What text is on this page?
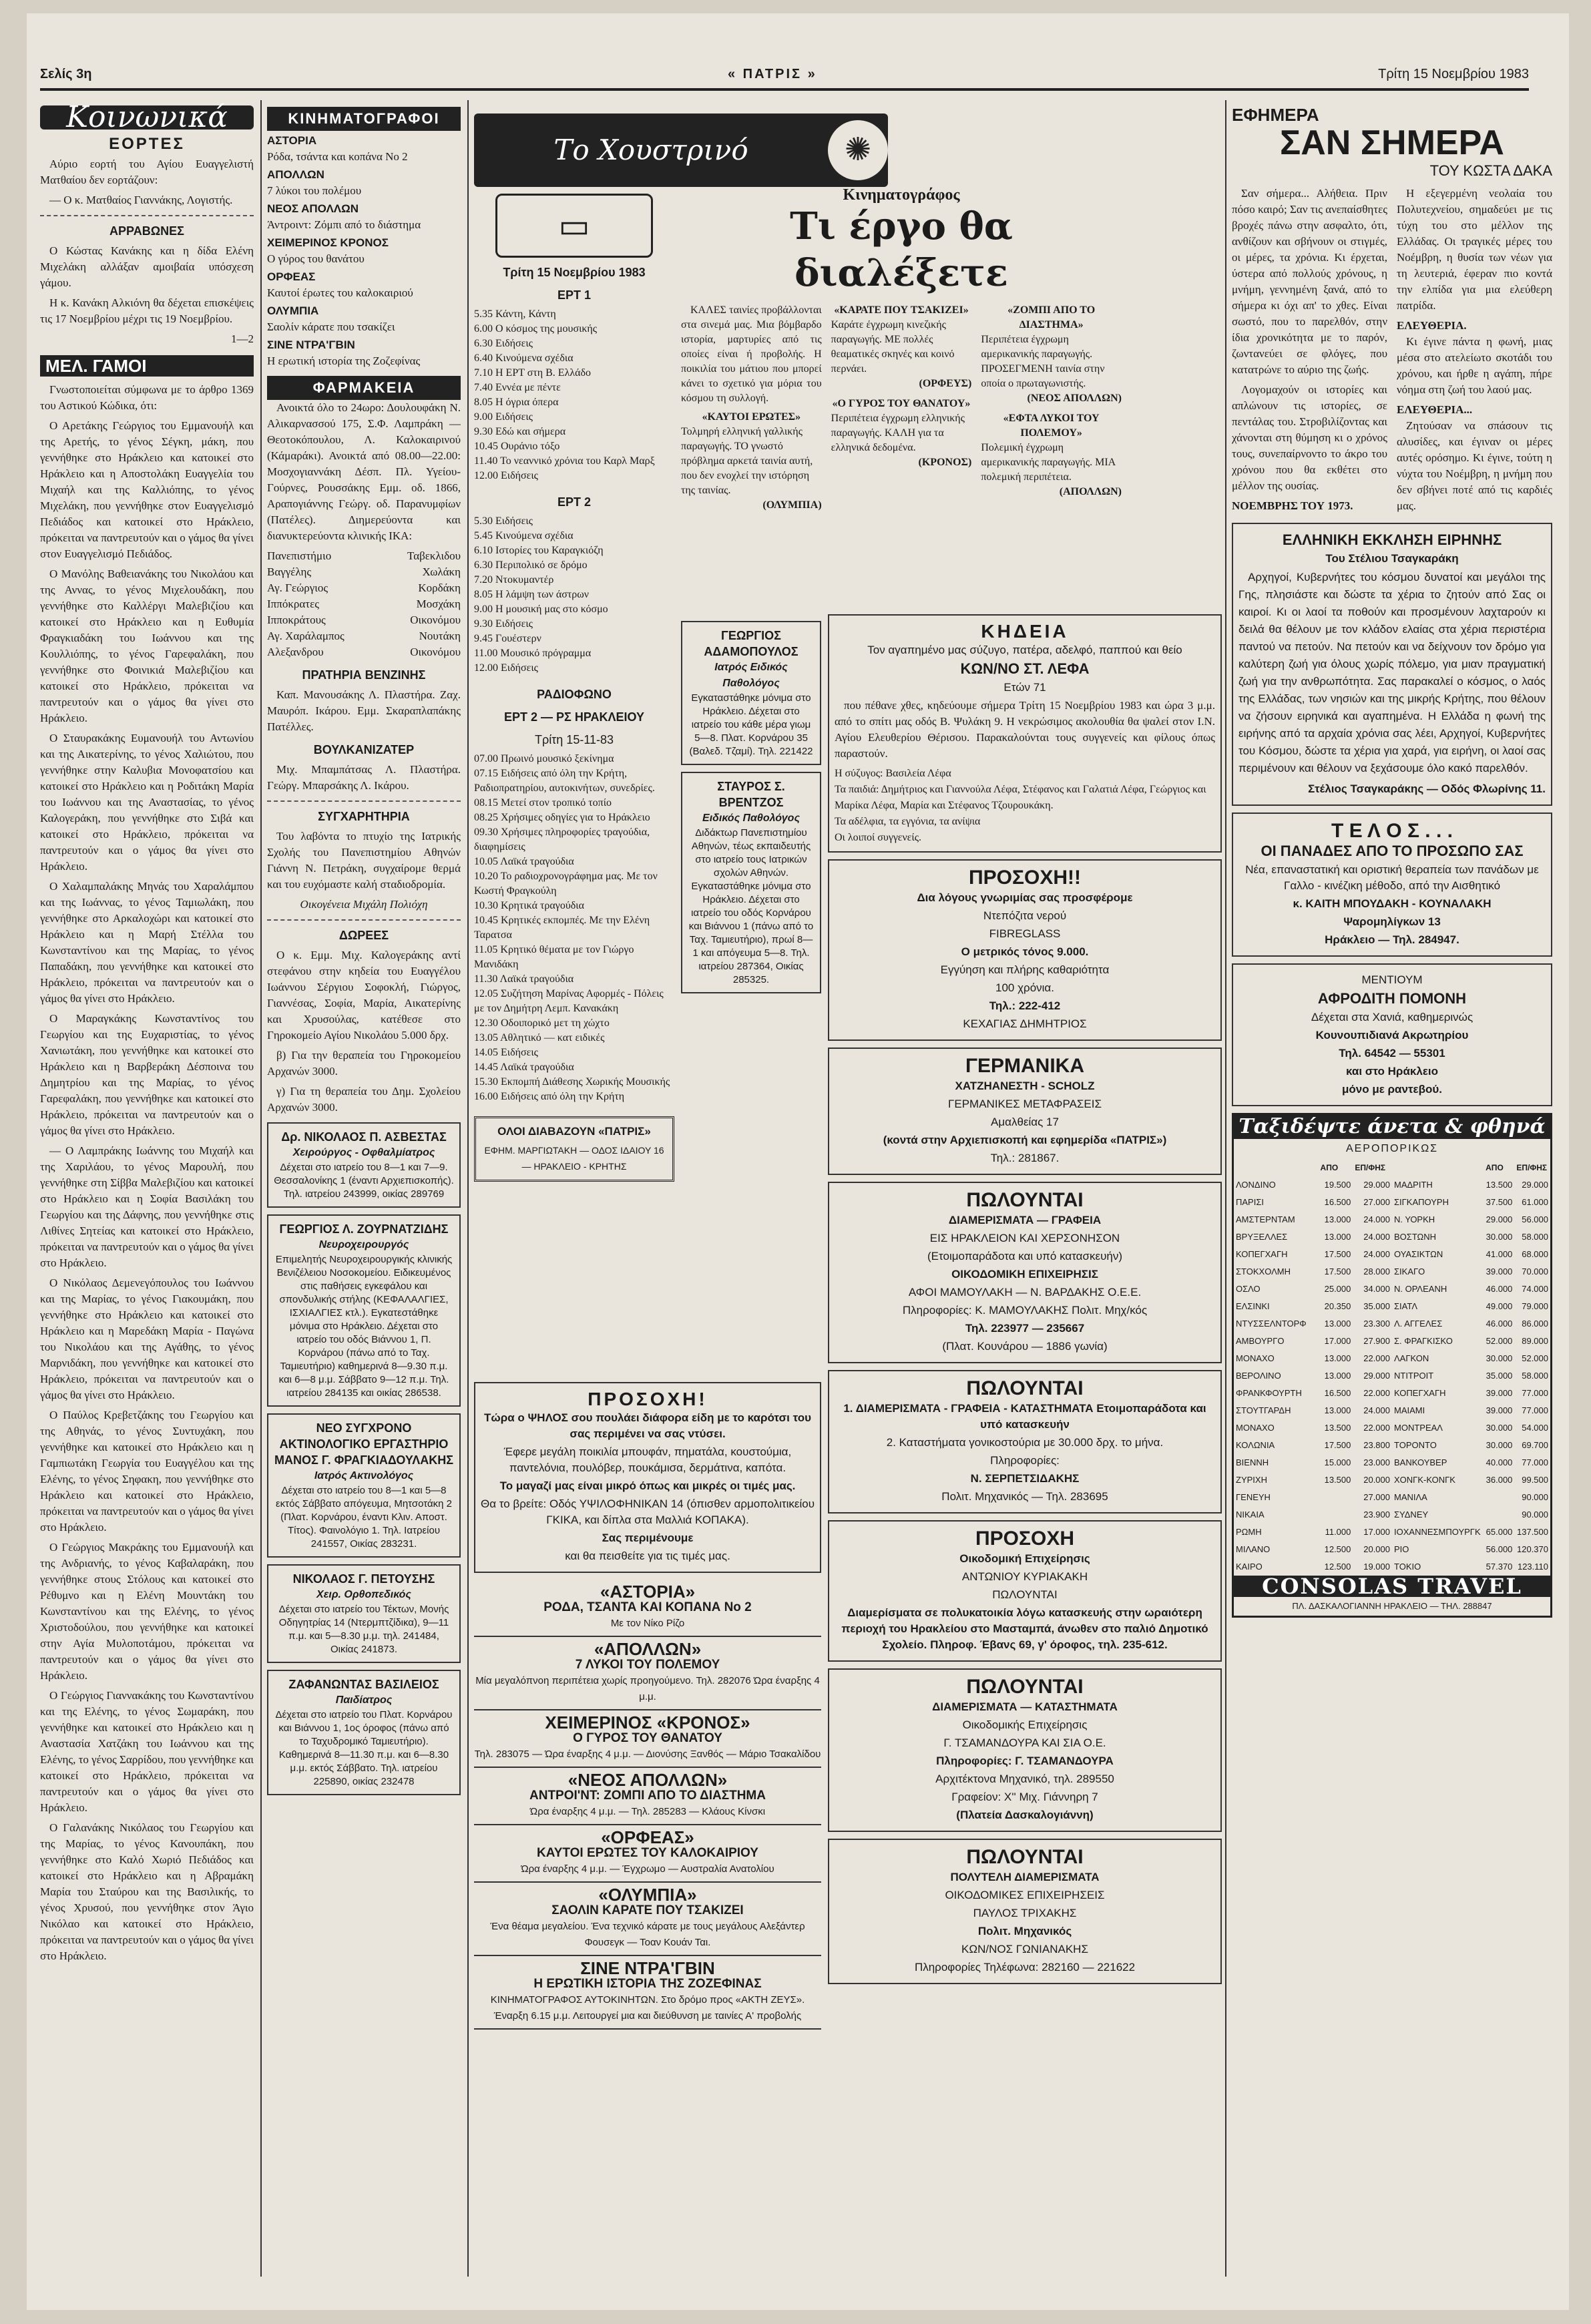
Σελίς 3η	« ΠΑΤΡΙΣ »	Τρίτη 15 Νοεμβρίου 1983
Κοινωνικά
ΕΟΡΤΕΣ

Αύριο εορτή του Αγίου Ευαγγελιστή Ματθαίου δεν εορτάζουν:

— Ο κ. Ματθαίος Γιαννάκης, Λογιστής.

ΑΡΡΑΒΩΝΕΣ

Ο Κώστας Κανάκης και η δίδα Ελένη Μιχελάκη αλλάξαν αμοιβαία υπόσχεση γάμου.

Η κ. Κανάκη Αλκιόνη θα δέχεται επισκέψεις τις 17 Νοεμβρίου μέχρι τις 19 Νοεμβρίου.

1—2
ΜΕΛ. ΓΑΜΟΙ

Γνωστοποιείται σύμφωνα με το άρθρο 1369 του Αστικού Κώδικα, ότι:

Ο Αρετάκης Γεώργιος του Εμμανουήλ και της Αρετής, το γένος Σέγκη, μάκη, που γεννήθηκε στο Ηράκλειο και κατοικεί στο Ηράκλειο και η Αποστολάκη Ευαγγελία του Μιχαήλ και της Καλλιόπης, το γένος Μιχελάκη, που γεννήθηκε στον Ευαγγελισμό Πεδιάδος και κατοικεί στο Ηράκλειο, πρόκειται να παντρευτούν και ο γάμος θα γίνει στον Ευαγγελισμό Πεδιάδος.

Ο Μανόλης Βαθειανάκης του Νικολάου και της Αννας, το γένος Μιχελουδάκη, που γεννήθηκε στο Καλλέργι Μαλεβιζίου και κατοικεί στο Ηράκλειο και η Ευθυμία Φραγκιαδάκη του Ιωάννου και της Κουλλιόπης, το γένος Γαρεφαλάκη, που γεννήθηκε στο Φοινικιά Μαλεβιζίου και κατοικεί στο Ηράκλειο, πρόκειται να παντρευτούν και ο γάμος θα γίνει στο Ηράκλειο.

Ο Σταυρακάκης Ευμανουήλ του Αντωνίου και της Αικατερίνης, το γένος Χαλιώτου, που γεννήθηκε στην Καλυβια Μονοφατσίου και κατοικεί στο Ηράκλειο και η Ροδιτάκη Μαρία του Ιωάννου και της Αναστασίας, το γένος Καλογεράκη, που γεννήθηκε στο Σιβά και κατοικεί στο Ηράκλειο, πρόκειται να παντρευτούν και ο γάμος θα γίνει στο Ηράκλειο.

Ο Χαλαμπαλάκης Μηνάς του Χαραλάμπου και της Ιωάννας, το γένος Ταμιωλάκη, που γεννήθηκε στο Αρκαλοχώρι και κατοικεί στο Ηράκλειο και η Μαρή Στέλλα του Κωνσταντίνου και της Μαρίας, το γένος Παπαδάκη, που γεννήθηκε και κατοικεί στο Ηράκλειο, πρόκειται να παντρευτούν και ο γάμος θα γίνει στο Ηράκλειο.

Ο Μαραγκάκης Κωνσταντίνος του Γεωργίου και της Ευχαριστίας, το γένος Χανιωτάκη, που γεννήθηκε και κατοικεί στο Ηράκλειο και η Βαρβεράκη Δέσποινα του Δημητρίου και της Μαρίας, το γένος Γαρεφαλάκη, που γεννήθηκε και κατοικεί στο Ηράκλειο, πρόκειται να παντρευτούν και ο γάμος θα γίνει στο Ηράκλειο.

— Ο Λαμπράκης Ιωάννης του Μιχαήλ και της Χαριλάου, το γένος Μαρουλή, που γεννήθηκε στη Σίββα Μαλεβιζίου και κατοικεί στο Ηράκλειο και η Σοφία Βασιλάκη του Γεωργίου και της Δάφνης, που γεννήθηκε στις Λιθίνες Σητείας και κατοικεί στο Ηράκλειο, πρόκειται να παντρευτούν και ο γάμος θα γίνει στο Ηράκλειο.

Ο Νικόλαος Δεμενεγόπουλος του Ιωάννου και της Μαρίας, το γένος Γιακουμάκη, που γεννήθηκε στο Ηράκλειο και κατοικεί στο Ηράκλειο και η Μαρεδάκη Μαρία - Παγώνα του Νικολάου και της Αγάθης, το γένος Μαρνιδάκη, που γεννήθηκε και κατοικεί στο Ηράκλειο, πρόκειται να παντρευτούν και ο γάμος θα γίνει στο Ηράκλειο.

Ο Παύλος Κρεβετζάκης του Γεωργίου και της Αθηνάς, το γένος Συντυχάκη, που γεννήθηκε και κατοικεί στο Ηράκλειο και η Γαμπιωτάκη Γεωργία του Ευαγγέλου και της Ελένης, το γένος Σηφακη, που γεννήθηκε στο Ηράκλειο και κατοικεί στο Ηράκλειο, πρόκειται να παντρευτούν και ο γάμος θα γίνει στο Ηράκλειο.

Ο Γεώργιος Μακράκης του Εμμανουήλ και της Ανδριανής, το γένος Καβαλαράκη, που γεννήθηκε στους Στόλους και κατοικεί στο Ρέθυμνο και η Ελένη Μουντάκη του Κωνσταντίνου και της Ελένης, το γένος Χριστοδούλου, που γεννήθηκε και κατοικεί στην Αγία Μυλοποτάμου, πρόκειται να παντρευτούν και ο γάμος θα γίνει στο Ηράκλειο.

Ο Γεώργιος Γιαννακάκης του Κωνσταντίνου και της Ελένης, το γένος Σωμαράκη, που γεννήθηκε και κατοικεί στο Ηράκλειο και η Αναστασία Χατζάκη του Ιωάννου και της Ελένης, το γένος Σαρρίδου, που γεννήθηκε και κατοικεί στο Ηράκλειο, πρόκειται να παντρευτούν και ο γάμος θα γίνει στο Ηράκλειο.

Ο Γαλανάκης Νικόλαος του Γεωργίου και της Μαρίας, το γένος Κανουπάκη, που γεννήθηκε στο Καλό Χωριό Πεδιάδος και κατοικεί στο Ηράκλειο και η Αβραμάκη Μαρία του Σταύρου και της Βασιλικής, το γένος Χρυσού, που γεννήθηκε στον Άγιο Νικόλαο και κατοικεί στο Ηράκλειο, πρόκειται να παντρευτούν και ο γάμος θα γίνει στο Ηράκλειο.

ΚΙΝΗΜΑΤΟΓΡΑΦΟΙ
ΑΣΤΟΡΙΑ
Ρόδα, τσάντα και κοπάνα No 2
ΑΠΟΛΛΩΝ
7 λύκοι του πολέμου
ΝΕΟΣ ΑΠΟΛΛΩΝ
Άντροιντ: Ζόμπι από το διάστημα
ΧΕΙΜΕΡΙΝΟΣ ΚΡΟΝΟΣ
Ο γύρος του θανάτου
ΟΡΦΕΑΣ
Καυτοί έρωτες του καλοκαιριού
ΟΛΥΜΠΙΑ
Σαολίν κάρατε που τσακίζει
ΣΙΝΕ ΝΤΡΑ'ΓΒΙΝ
Η ερωτική ιστορία της Ζοζεφίνας
ΦΑΡΜΑΚΕΙΑ

Ανοικτά όλο το 24ωρο: Δουλουφάκη Ν. Αλικαρνασσού 175, Σ.Φ. Λαμπράκη — Θεοτοκόπουλου, Λ. Καλοκαιρινού (Κάμαράκι). Ανοικτά από 08.00—22.00: Μοσχογιαννάκη Δέσπ. Πλ. Υγείου-Γούρνες, Ρουσσάκης Εμμ. οδ. 1866, Αραπογιάννης Γεώργ. οδ. Παρανυμφίων (Πατέλες). Διημερεύοντα και διανυκτερεύοντα κλινικής ΙΚΑ:

Πανεπιστήμιο	Ταβεκλιδου
Βαγγέλης	Χωλάκη
Αγ. Γεώργιος	Κορδάκη
Ιππόκρατες	Μοσχάκη
Ιπποκράτους	Οικονόμου
Αγ. Χαράλαμπος	Νουτάκη
Αλεξανδρου	Οικονόμου
ΠΡΑΤΗΡΙΑ ΒΕΝΖΙΝΗΣ

Καπ. Μανουσάκης Λ. Πλαστήρα. Ζαχ. Μαυρόπ. Ικάρου. Εμμ. Σκαραπλαπάκης Πατέλλες.

ΒΟΥΛΚΑΝΙΖΑΤΕΡ

Μιχ. Μπαμπάτσας Λ. Πλαστήρα. Γεώργ. Μπαρσάκης Λ. Ικάρου.

ΣΥΓΧΑΡΗΤΗΡΙΑ

Του λαβόντα το πτυχίο της Ιατρικής Σχολής του Πανεπιστημίου Αθηνών Γιάννη Ν. Πετράκη, συγχαίρομε θερμά και του ευχόμαστε καλή σταδιοδρομία.

Οικογένεια Μιχάλη Πολιόχη
ΔΩΡΕΕΣ

Ο κ. Εμμ. Μιχ. Καλογεράκης αντί στεφάνου στην κηδεία του Ευαγγέλου Ιωάννου Σέργιου Σοφοκλή, Γιώργος, Γιαννέσας, Σοφία, Μαρία, Αικατερίνης και Χρυσούλας, κατέθεσε στο Γηροκομείο Αγίου Νικολάου 5.000 δρχ.

β) Για την θεραπεία του Γηροκομείου Αρχανών 3000.

γ) Για τη θεραπεία του Δημ. Σχολείου Αρχανών 3000.

Δρ. ΝΙΚΟΛΑΟΣ Π. ΑΣΒΕΣΤΑΣ
Χειρούργος - Οφθαλμίατρος
Δέχεται στο ιατρείο του 8—1 και 7—9. Θεσσαλονίκης 1 (έναντι Αρχιεπισκοπής). Τηλ. ιατρείου 243999, οικίας 289769
ΓΕΩΡΓΙΟΣ Λ. ΖΟΥΡΝΑΤΖΙΔΗΣ
Νευροχειρουργός
Επιμελητής Νευροχειρουργικής κλινικής Βενιζέλειου Νοσοκομείου. Ειδικευμένος στις παθήσεις εγκεφάλου και σπονδυλικής στήλης (ΚΕΦΑΛΑΛΓΙΕΣ, ΙΣΧΙΑΛΓΙΕΣ κτλ.). Εγκατεστάθηκε μόνιμα στο Ηράκλειο. Δέχεται στο ιατρείο του οδός Βιάννου 1, Π. Κορνάρου (πάνω από το Ταχ. Ταμιευτήριο) καθημερινά 8—9.30 π.μ. και 6—8 μ.μ. Σάββατο 9—12 π.μ. Τηλ. ιατρείου 284135 και οικίας 286538.
ΝΕΟ ΣΥΓΧΡΟΝΟ ΑΚΤΙΝΟΛΟΓΙΚΟ ΕΡΓΑΣΤΗΡΙΟ ΜΑΝΟΣ Γ. ΦΡΑΓΚΙΑΔΟΥΛΑΚΗΣ
Ιατρός Ακτινολόγος
Δέχεται στο ιατρείο του 8—1 και 5—8 εκτός Σάββατο απόγευμα, Μητσοτάκη 2 (Πλατ. Κορνάρου, έναντι Κλιν. Αποστ. Τίτος). Φαινολόγιο 1. Τηλ. Ιατρείου 241557, Οικίας 283231.
ΝΙΚΟΛΑΟΣ Γ. ΠΕΤΟΥΣΗΣ
Χειρ. Ορθοπεδικός
Δέχεται στο ιατρείο του Τέκτων, Μονής Οδηγητρίας 14 (Ντερμπτζίδικα), 9—11 π.μ. και 5—8.30 μ.μ. τηλ. 241484, Οικίας 241873.
ΖΑΦΑΝΩΝΤΑΣ ΒΑΣΙΛΕΙΟΣ
Παιδίατρος
Δέχεται στο ιατρείο του Πλατ. Κορνάρου και Βιάννου 1, 1ος όροφος (πάνω από το Ταχυδρομικό Ταμιευτήριο). Καθημερινά 8—11.30 π.μ. και 6—8.30 μ.μ. εκτός Σάββατο. Τηλ. ιατρείου 225890, οικίας 232478
Το Χουστρινό	✺
▭
Τρίτη 15 Νοεμβρίου 1983
ΕΡΤ 1
5.35 Κάντη, Κάντη
6.00 Ο κόσμος της μουσικής
6.30 Ειδήσεις
6.40 Κινούμενα σχέδια
7.10 Η ΕΡΤ στη Β. Ελλάδο
7.40 Εννέα με πέντε
8.05 Η όγρια όπερα
9.00 Ειδήσεις
9.30 Εδώ και σήμερα
10.45 Ουράνιο τόξο
11.40 Το νεαννικό χρόνια του Καρλ Μαρξ
12.00 Ειδήσεις
ΕΡΤ 2
5.30 Ειδήσεις
5.45 Κινούμενα σχέδια
6.10 Ιστορίες του Καραγκιόζη
6.30 Περιπολικό σε δρόμο
7.20 Ντοκυμαντέρ
8.05 Η λάμψη των άστρων
9.00 Η μουσική μας στο κόσμο
9.30 Ειδήσεις
9.45 Γουέστερν
11.00 Μουσικό πρόγραμμα
12.00 Ειδήσεις
ΡΑΔΙΟΦΩΝΟ
ΕΡΤ 2 — ΡΣ ΗΡΑΚΛΕΙΟΥ
Τρίτη 15-11-83
07.00 Πρωινό μουσικό ξεκίνημα
07.15 Ειδήσεις από όλη την Κρήτη, Ραδιοπρατηρίου, αυτοκινήτων, συνεδρίες.
08.15 Μετεί στον τροπικό τοπίο
08.25 Χρήσιμες οδηγίες για το Ηράκλειο
09.30 Χρήσιμες πληροφορίες τραγούδια, διαφημίσεις
10.05 Λαϊκά τραγούδια
10.20 Το ραδιοχρονογράφημα μας. Με τον Κωστή Φραγκούλη
10.30 Κρητικά τραγούδια
10.45 Κρητικές εκπομπές. Με την Ελένη Ταρατσα
11.05 Κρητικό θέματα με τον Γιώργο Μανιδάκη
11.30 Λαϊκά τραγούδια
12.05 Συζήτηση Μαρίνας Αφορμές - Πόλεις με τον Δημήτρη Λεμπ. Κανακάκη
12.30 Οδοιπορικό μετ τη χώχτο
13.05 Αθλητικό — κατ ειδικές
14.05 Ειδήσεις
14.45 Λαϊκά τραγούδια
15.30 Εκπομπή Διάθεσης Χωρικής Μουσικής
16.00 Ειδήσεις από όλη την Κρήτη
ΟΛΟΙ ΔΙΑΒΑΖΟΥΝ «ΠΑΤΡΙΣ»
ΕΦΗΜ. ΜΑΡΓΙΩΤΑΚΗ — ΟΔΟΣ ΙΔΑΙΟΥ 16 — ΗΡΑΚΛΕΙΟ - ΚΡΗΤΗΣ
Κινηματογράφος
Τι έργο θα διαλέξετε

ΚΑΛΕΣ ταινίες προβάλλονται στα σινεμά μας. Μια βόμβαρδο ιστορία, μαρτυρίες από τις οποίες είναι ή προβολής. Η ποικιλία του μάτιου που μπορεί κάνει το σχετικό για μόρια του κόσμου τη συλλογή.

«ΚΑΥΤΟΙ ΕΡΩΤΕΣ»
Τολμηρή ελληνική γαλλικής παραγωγής. ΤΟ γνωστό πρόβλημα αρκετά ταινία αυτή, που δεν ενοχλεί την ιστόρηση της ταινίας.
(ΟΛΥΜΠΙΑ)
«ΚΑΡΑΤΕ ΠΟΥ ΤΣΑΚΙΖΕΙ»
Καράτε έγχρωμη κινεζικής παραγωγής. ΜΕ πολλές θεαματικές σκηνές και κοινό περνάει.
(ΟΡΦΕΥΣ)
«Ο ΓΥΡΟΣ ΤΟΥ ΘΑΝΑΤΟΥ»
Περιπέτεια έγχρωμη ελληνικής παραγωγής. ΚΑΛΗ για τα ελληνικά δεδομένα.
(ΚΡΟΝΟΣ)
«ΖΟΜΠΙ ΑΠΟ ΤΟ ΔΙΑΣΤΗΜΑ»
Περιπέτεια έγχρωμη αμερικανικής παραγωγής. ΠΡΟΣΕΓΜΕΝΗ ταινία στην οποία ο πρωταγωνιστής.
(ΝΕΟΣ ΑΠΟΛΛΩΝ)
«ΕΦΤΑ ΛΥΚΟΙ ΤΟΥ ΠΟΛΕΜΟΥ»
Πολεμική έγχρωμη αμερικανικής παραγωγής. ΜΙΑ πολεμική περιπέτεια.
(ΑΠΟΛΛΩΝ)
ΚΗΔΕΙΑ
Τον αγαπημένο μας σύζυγο, πατέρα, αδελφό, παππού και θείο
ΚΩΝ/ΝΟ ΣΤ. ΛΕΦΑ
Ετών 71

που πέθανε χθες, κηδεύουμε σήμερα Τρίτη 15 Νοεμβρίου 1983 και ώρα 3 μ.μ. από το σπίτι μας οδός Β. Ψυλάκη 9. Η νεκρώσιμος ακολουθία θα ψαλεί στον Ι.Ν. Αγίου Ελευθερίου Θέρισου. Παρακαλούνται τους συγγενείς και φίλους όπως παραστούν.

Η σύζυγος: Βασιλεία Λέφα
Τα παιδιά: Δημήτριος και Γιαννούλα Λέφα, Στέφανος και Γαλατιά Λέφα, Γεώργιος και Μαρίκα Λέφα, Μαρία και Στέφανος Τζουρουκάκη.
Τα αδέλφια, τα εγγόνια, τα ανίψια
Οι λοιποί συγγενείς.
ΠΡΟΣΟΧΗ!!
Δια λόγους γνωριμίας σας προσφέρομε
Ντεπόζιτα νερού
FIBREGLASS
Ο μετρικός τόνος 9.000.
Εγγύηση και πλήρης καθαριότητα
100 χρόνια.
Τηλ.: 222-412
ΚΕΧΑΓΙΑΣ ΔΗΜΗΤΡΙΟΣ
ΓΕΡΜΑΝΙΚΑ
ΧΑΤΖΗΑΝΕΣΤΗ - SCHOLZ
ΓΕΡΜΑΝΙΚΕΣ ΜΕΤΑΦΡΑΣΕΙΣ
Αμαλθείας 17
(κοντά στην Αρχιεπισκοπή και εφημερίδα «ΠΑΤΡΙΣ»)
Τηλ.: 281867.
ΠΩΛΟΥΝΤΑΙ
ΔΙΑΜΕΡΙΣΜΑΤΑ — ΓΡΑΦΕΙΑ
ΕΙΣ ΗΡΑΚΛΕΙΟΝ ΚΑΙ ΧΕΡΣΟΝΗΣΟΝ
(Ετοιμοπαράδοτα και υπό κατασκευήν)
ΟΙΚΟΔΟΜΙΚΗ ΕΠΙΧΕΙΡΗΣΙΣ
ΑΦΟΙ ΜΑΜΟΥΛΑΚΗ — Ν. ΒΑΡΔΑΚΗΣ Ο.Ε.Ε.
Πληροφορίες: Κ. ΜΑΜΟΥΛΑΚΗΣ Πολιτ. Μηχ/κός
Τηλ. 223977 — 235667
(Πλατ. Κουνάρου — 1886 γωνία)
ΠΩΛΟΥΝΤΑΙ
1. ΔΙΑΜΕΡΙΣΜΑΤΑ - ΓΡΑΦΕΙΑ - ΚΑΤΑΣΤΗΜΑΤΑ Ετοιμοπαράδοτα και υπό κατασκευήν
2. Καταστήματα γονικοστούρια με 30.000 δρχ. το μήνα.
Πληροφορίες:
Ν. ΣΕΡΠΕΤΣΙΔΑΚΗΣ
Πολιτ. Μηχανικός — Τηλ. 283695
ΠΡΟΣΟΧΗ
Οικοδομική Επιχείρησις
ΑΝΤΩΝΙΟΥ ΚΥΡΙΑΚΑΚΗ
ΠΩΛΟΥΝΤΑΙ
Διαμερίσματα σε πολυκατοικία λόγω κατασκευής στην ωραιότερη περιοχή του Ηρακλείου στο Μασταμπά, άνωθεν στο παλιό Δημοτικό Σχολείο. Πληροφ. Έβανς 69, γ' όροφος, τηλ. 235-612.
ΠΩΛΟΥΝΤΑΙ
ΔΙΑΜΕΡΙΣΜΑΤΑ — ΚΑΤΑΣΤΗΜΑΤΑ
Οικοδομικής Επιχείρησις
Γ. ΤΣΑΜΑΝΔΟΥΡΑ ΚΑΙ ΣΙΑ Ο.Ε.
Πληροφορίες: Γ. ΤΣΑΜΑΝΔΟΥΡΑ
Αρχιτέκτονα Μηχανικό, τηλ. 289550
Γραφείον: Χ'' Μιχ. Γιάννηρη 7
(Πλατεία Δασκαλογιάννη)
ΠΩΛΟΥΝΤΑΙ
ΠΟΛΥΤΕΛΗ ΔΙΑΜΕΡΙΣΜΑΤΑ
ΟΙΚΟΔΟΜΙΚΕΣ ΕΠΙΧΕΙΡΗΣΕΙΣ
ΠΑΥΛΟΣ ΤΡΙΧΑΚΗΣ
Πολιτ. Μηχανικός
ΚΩΝ/ΝΟΣ ΓΩΝΙΑΝΑΚΗΣ
Πληροφορίες Τηλέφωνα: 282160 — 221622
ΓΕΩΡΓΙΟΣ ΑΔΑΜΟΠΟΥΛΟΣ
Ιατρός Ειδικός Παθολόγος
Εγκαταστάθηκε μόνιμα στο Ηράκλειο. Δέχεται στο ιατρείο του κάθε μέρα γιωμ 5—8. Πλατ. Κορνάρου 35 (Βαλεδ. Τζαμί). Τηλ. 221422
ΣΤΑΥΡΟΣ Σ. ΒΡΕΝΤΖΟΣ
Ειδικός Παθολόγος
Διδάκτωρ Πανεπιστημίου Αθηνών, τέως εκπαιδευτής στο ιατρείο τους Ιατρικών σχολών Αθηνών. Εγκαταστάθηκε μόνιμα στο Ηράκλειο. Δέχεται στο ιατρείο του οδός Κορνάρου και Βιάννου 1 (πάνω από το Ταχ. Ταμιευτήριο), πρωί 8—1 και απόγευμα 5—8. Τηλ. ιατρείου 287364, Οικίας 285325.
ΠΡΟΣΟΧΗ!
Τώρα ο ΨΗΛΟΣ σου πουλάει διάφορα είδη με το καρότσι του σας περιμένει να σας ντύσει.
Έφερε μεγάλη ποικιλία μπουφάν, πηματάλα, κουστούμια, παντελόνια, πουλόβερ, πουκάμισα, δερμάτινα, καπότα.
Το μαγαζί μας είναι μικρό όπως και μικρές οι τιμές μας.
Θα το βρείτε: Οδός ΥΨΙΛΟΦΗΝΙΚΑΝ 14 (όπισθεν αρμοπολιτικείου ΓΚΙΚΑ, και δίπλα στα Μαλλιά ΚΟΠΑΚΑ).
Σας περιμένουμε
και θα πεισθείτε για τις τιμές μας.
«ΑΣΤΟΡΙΑ»
ΡΟΔΑ, ΤΣΑΝΤΑ ΚΑΙ ΚΟΠΑΝΑ No 2
Με τον Νίκο Ρίζο
«ΑΠΟΛΛΩΝ»
7 ΛΥΚΟΙ ΤΟΥ ΠΟΛΕΜΟΥ
Μία μεγαλόπνοη περιπέτεια χωρίς προηγούμενο. Τηλ. 282076 Ώρα έναρξης 4 μ.μ.
ΧΕΙΜΕΡΙΝΟΣ «ΚΡΟΝΟΣ»
Ο ΓΥΡΟΣ ΤΟΥ ΘΑΝΑΤΟΥ
Τηλ. 283075 — Ώρα έναρξης 4 μ.μ. — Διονύσης Ξανθός — Μάριο Τσακαλίδου
«ΝΕΟΣ ΑΠΟΛΛΩΝ»
ΑΝΤΡΟΙ'ΝΤ: ΖΟΜΠΙ ΑΠΟ ΤΟ ΔΙΑΣΤΗΜΑ
Ώρα έναρξης 4 μ.μ. — Τηλ. 285283 — Κλάους Κίνσκι
«ΟΡΦΕΑΣ»
ΚΑΥΤΟΙ ΕΡΩΤΕΣ ΤΟΥ ΚΑΛΟΚΑΙΡΙΟΥ
Ώρα έναρξης 4 μ.μ. — Έγχρωμο — Αυστραλία Ανατολίου
«ΟΛΥΜΠΙΑ»
ΣΑΟΛΙΝ ΚΑΡΑΤΕ ΠΟΥ ΤΣΑΚΙΖΕΙ
Ένα θέαμα μεγαλείου. Ένα τεχνικό κάρατε με τους μεγάλους Αλεξάντερ Φουσεγκ — Τοαν Κουάν Ται.
ΣΙΝΕ ΝΤΡΑ'ΓΒΙΝ
Η ΕΡΩΤΙΚΗ ΙΣΤΟΡΙΑ ΤΗΣ ΖΟΖΕΦΙΝΑΣ
ΚΙΝΗΜΑΤΟΓΡΑΦΟΣ ΑΥΤΟΚΙΝΗΤΩΝ. Στο δρόμο προς «ΑΚΤΗ ΖΕΥΣ». Έναρξη 6.15 μ.μ. Λειτουργεί μια και διεύθυνση με ταινίες Α' προβολής
ΕΦΗΜΕΡΑ
ΣΑΝ ΣΗΜΕΡΑ
ΤΟΥ ΚΩΣΤΑ ΔΑΚΑ

Σαν σήμερα... Αλήθεια. Πριν πόσο καιρό; Σαν τις ανεπαίσθητες βροχές πάνω στην ασφαλτο, ότι, ανθίζουν και σβήνουν οι στιγμές, οι μέρες, τα χρόνια. Κι έρχεται, ύστερα από πολλούς χρόνους, η μνήμη, γεννημένη ξανά, από το σήμερα κι όχι απ' το χθες. Είναι σωστό, που το παρελθόν, στην ίδια χρονικότητα με το παρόν, ζωντανεύει σε φλόγες, που κατατρώνε το αύριο της ζωής.

Λογομαχούν οι ιστορίες και απλώνουν τις ιστορίες, σε πεντάλας του. Στροβιλίζοντας και χάνονται στη θύμηση κι ο χρόνος τους, συνεπαίρνοντο το άκρο του χρόνου που θα εκθέτει στο μέλλον της ουσίας.

ΝΟΕΜΒΡΗΣ ΤΟΥ 1973.

Η εξεγερμένη νεολαία του Πολυτεχνείου, σημαδεύει με τις τύχη του στο μέλλον της Ελλάδας. Οι τραγικές μέρες του Νοέμβρη, η θυσία των νέων για τη λευτεριά, έφεραν πιο κοντά την ελπίδα για μια ελεύθερη πατρίδα.

ΕΛΕΥΘΕΡΙΑ.

Κι έγινε πάντα η φωνή, μιας μέσα στο ατελείωτο σκοτάδι του χρόνου, και ήρθε η αγάπη, πήρε νόημα στη ζωή του λαού μας.

ΕΛΕΥΘΕΡΙΑ...

Ζητούσαν να σπάσουν τις αλυσίδες, και έγιναν οι μέρες αυτές ορόσημο. Κι έγινε, τούτη η νύχτα του Νοέμβρη, η μνήμη που δεν σβήνει ποτέ από τις καρδιές μας.

ΕΛΛΗΝΙΚΗ ΕΚΚΛΗΣΗ ΕΙΡΗΝΗΣ
Του Στέλιου Τσαγκαράκη

Αρχηγοί, Κυβερνήτες του κόσμου δυνατοί και μεγάλοι της Γης, πλησιάστε και δώστε τα χέρια το ζητούν από Σας οι καιροί. Κι οι λαοί τα ποθούν και προσμένουν λαχταρούν κι δειλά θα θέλουν με τον κλάδον ελαίας στα χέρια περιστέρια παντού να πετούν. Να πετούν και να δείχνουν τον δρόμο για καλύτερη ζωή για όλους χωρίς πόλεμο, για μιαν πραγματική ζωή για την ανθρωπότητα. Σας παρακαλεί ο κόσμος, ο λαός της Ελλάδας, των νησιών και της μικρής Κρήτης, που θέλουν να ζήσουν ειρηνικά και αγαπημένα. Η Ελλάδα η φωνή της ειρήνης από τα αρχαία χρόνια σας λέει, Αρχηγοί, Κυβερνήτες του Κόσμου, δώστε τα χέρια για χαρά, για ειρήνη, οι λαοί σας περιμένουν και θέλουν να ξεχάσουμε όλο κακό παρελθόν.

Στέλιος Τσαγκαράκης — Οδός Φλωρίνης 11.
Τ Ε Λ Ο Σ . . .
ΟΙ ΠΑΝΑΔΕΣ ΑΠΟ ΤΟ ΠΡΟΣΩΠΟ ΣΑΣ
Νέα, επαναστατική και οριστική θεραπεία των πανάδων με Γαλλο - κινέζικη μέθοδο, από την Αισθητικό
κ. ΚΑΙΤΗ ΜΠΟΥΔΑΚΗ - ΚΟΥΝΑΛΑΚΗ
Ψαρομηλίγκων 13
Ηράκλειο — Τηλ. 284947.
ΜΕΝΤΙΟΥΜ
ΑΦΡΟΔΙΤΗ ΠΟΜΟΝΗ
Δέχεται στα Χανιά, καθημερινώς
Κουνουπιδιανά Ακρωτηρίου
Τηλ. 64542 — 55301
και στο Ηράκλειο
μόνο με ραντεβού.
Ταξιδέψτε άνετα & φθηνά
ΑΕΡΟΠΟΡΙΚΩΣ
	ΑΠΟ	ΕΠ/ΦΗΣ
ΛΟΝΔΙΝΟ	19.500	29.000
ΠΑΡΙΣΙ	16.500	27.000
ΑΜΣΤΕΡΝΤΑΜ	13.000	24.000
ΒΡΥΞΕΛΛΕΣ	13.000	24.000
ΚΟΠΕΓΧΑΓΗ	17.500	24.000
ΣΤΟΚΧΟΛΜΗ	17.500	28.000
ΟΣΛΟ	25.000	34.000
ΕΛΣΙΝΚΙ	20.350	35.000
ΝΤΥΣΣΕΛΝΤΟΡΦ	13.000	23.300
ΑΜΒΟΥΡΓΟ	17.000	27.900
ΜΟΝΑΧΟ	13.000	22.000
ΒΕΡΟΛΙΝΟ	13.000	29.000
ΦΡΑΝΚΦΟΥΡΤΗ	16.500	22.000
ΣΤΟΥΤΓΑΡΔΗ	13.000	24.000
ΜΟΝΑΧΟ	13.500	22.000
ΚΟΛΩΝΙΑ	17.500	23.800
ΒΙΕΝΝΗ	15.000	23.000
ΖΥΡΙΧΗ	13.500	20.000
ΓΕΝΕΥΗ		27.000
ΝΙΚΑΙΑ		23.900
ΡΩΜΗ	11.000	17.000
ΜΙΛΑΝΟ	12.500	20.000
ΚΑΙΡΟ	12.500	19.000
	ΑΠΟ	ΕΠ/ΦΗΣ
ΜΑΔΡΙΤΗ	13.500	29.000
ΣΙΓΚΑΠΟΥΡΗ	37.500	61.000
Ν. ΥΟΡΚΗ	29.000	56.000
ΒΟΣΤΩΝΗ	30.000	58.000
ΟΥΑΣΙΚΤΩΝ	41.000	68.000
ΣΙΚΑΓΟ	39.000	70.000
Ν. ΟΡΛΕΑΝΗ	46.000	74.000
ΣΙΑΤΛ	49.000	79.000
Λ. ΑΓΓΕΛΕΣ	46.000	86.000
Σ. ΦΡΑΓΚΙΣΚΟ	52.000	89.000
ΛΑΓΚΟΝ	30.000	52.000
ΝΤΙΤΡΟΙΤ	35.000	58.000
ΚΟΠΕΓΧΑΓΗ	39.000	77.000
ΜΑΙΑΜΙ	39.000	77.000
ΜΟΝΤΡΕΑΛ	30.000	54.000
ΤΟΡΟΝΤΟ	30.000	69.700
ΒΑΝΚΟΥΒΕΡ	40.000	77.000
ΧΟΝΓΚ-ΚΟΝΓΚ	36.000	99.500
ΜΑΝΙΛΑ		90.000
ΣΥΔΝΕΥ		90.000
ΙΟΧΑΝΝΕΣΜΠΟΥΡΓΚ	65.000	137.500
ΡΙΟ	56.000	120.370
ΤΟΚΙΟ	57.370	123.110
CONSOLAS TRAVEL
ΠΛ. ΔΑΣΚΑΛΟΓΙΑΝΝΗ ΗΡΑΚΛΕΙΟ — ΤΗΛ. 288847
